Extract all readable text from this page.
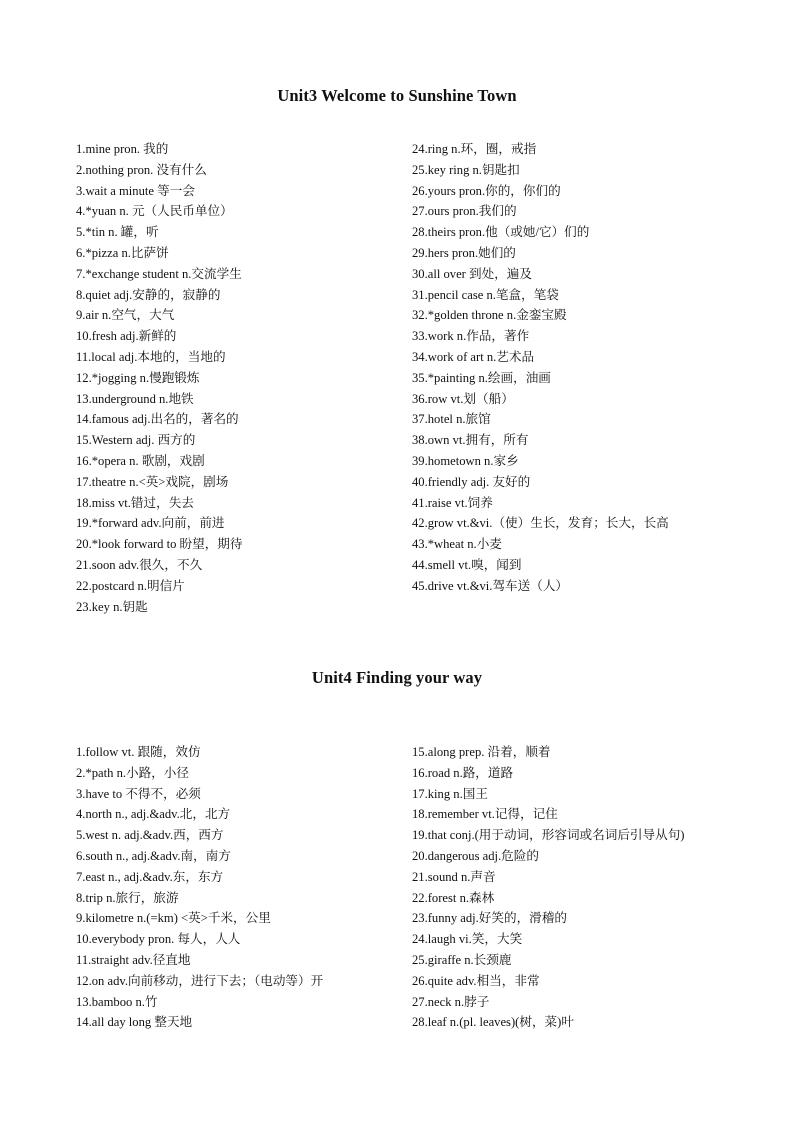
Unit3 Welcome to Sunshine Town
1.mine pron. 我的
2.nothing pron. 没有什么
3.wait a minute 等一会
4.*yuan n. 元（人民币单位）
5.*tin n. 罐，听
6.*pizza n.比萨饼
7.*exchange student n.交流学生
8.quiet adj.安静的，寂静的
9.air n.空气，大气
10.fresh adj.新鲜的
11.local adj.本地的，当地的
12.*jogging n.慢跑锻炼
13.underground n.地铁
14.famous adj.出名的，著名的
15.Western adj. 西方的
16.*opera n. 歌剧，戏剧
17.theatre n.<英>戏院，剧场
18.miss vt.错过，失去
19.*forward adv.向前，前进
20.*look forward to 盼望，期待
21.soon adv.很久，不久
22.postcard n.明信片
23.key n.钥匙
24.ring n.环，圈，戒指
25.key ring n.钥匙扣
26.yours pron.你的，你们的
27.ours pron.我们的
28.theirs pron.他（或她/它）们的
29.hers pron.她们的
30.all over 到处，遍及
31.pencil case n.笔盒，笔袋
32.*golden throne n.金銮宝殿
33.work n.作品，著作
34.work of art n.艺术品
35.*painting n.绘画，油画
36.row vt.划（船）
37.hotel n.旅馆
38.own vt.拥有，所有
39.hometown n.家乡
40.friendly adj. 友好的
41.raise vt.饲养
42.grow vt.&vi.（使）生长，发育；长大，长高
43.*wheat n.小麦
44.smell vt.嗅，闻到
45.drive vt.&vi.驾车送（人）
Unit4 Finding your way
1.follow vt. 跟随，效仿
2.*path n.小路，小径
3.have to 不得不，必须
4.north n., adj.&adv.北，北方
5.west n. adj.&adv.西，西方
6.south n., adj.&adv.南，南方
7.east n., adj.&adv.东，东方
8.trip n.旅行，旅游
9.kilometre n.(=km) <英>千米，公里
10.everybody pron. 每人，人人
11.straight adv.径直地
12.on adv.向前移动，进行下去；（电动等）开
13.bamboo n.竹
14.all day long 整天地
15.along prep. 沿着，顺着
16.road n.路，道路
17.king n.国王
18.remember vt.记得，记住
19.that conj.(用于动词，形容词或名词后引导从句)
20.dangerous adj.危险的
21.sound n.声音
22.forest n.森林
23.funny adj.好笑的，滑稽的
24.laugh vi.笑，大笑
25.giraffe n.长颈鹿
26.quite adv.相当，非常
27.neck n.脖子
28.leaf n.(pl. leaves)(树，菜)叶
